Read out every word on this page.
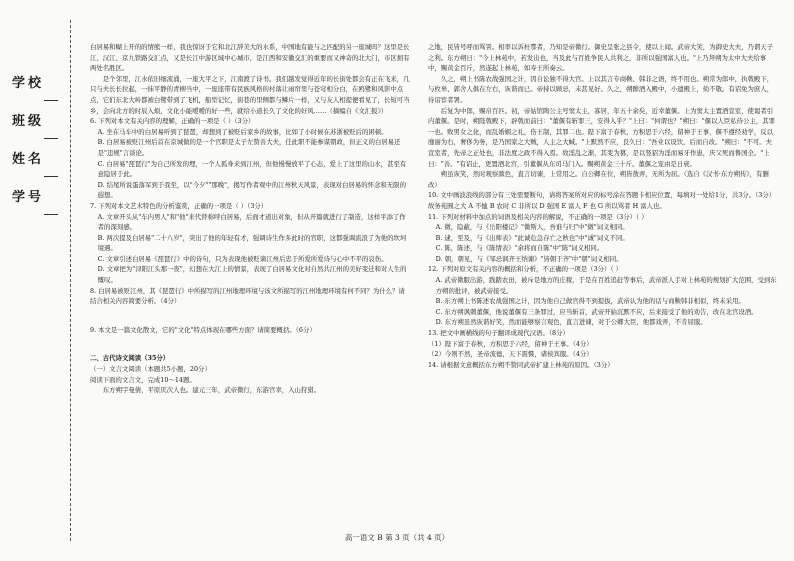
学校
班级
姓名
学号

白居易和蝴上开的的情熊一样，我也惊讶于它和北江辞美大的水系，中国地有能与之匹配的另一座城吗？这里是长江、汉江、京九铁路交汇点，又是长江中游区域中心城市，是江西和安徽交汇的重要而又神奇的北大门，市区拥有两处名胜区。

是个邻里，江水依旧细流涌，一座大平之下，江南渡了诗书。我们越发觉得近年的长街处都会有正在飞来，几只与夫长长拉起，一抹平静的青柳当中，一座座带有民族风格的村落让雨帘里与苍穹相分白，在鸥鹭和风影中点点，它们东北大岭都被白鹭带到了飞机，船型记忆，街巷的里侧都与鳞片一样，又与友人相提便看见了，长短可当乡，会向北方的时辰入烦，文化小能嗳嗳的好一些，就给小道长久了文化的好风……（摘编自《文汇报》）

6. 下列对本文有关内容的理解，正确的一项是（ ）（3分）

A. 坐在马车中的白居易听到了琵琶，却想到了被贬后家乡的故事，比如了小时候在苏浙被贬后的困顿。

B. 白居易被贬江州后首在京城做的是一个官职是太子左赞善大夫，任此职不能参谋朝政，但正义的白居易还是"违规"言谈论。

C. 白居易"琵琶行"为自己所发的埋，一个人孤身来到江州，但他慢慢放平了心态，爱上了这里的山水，甚至有意隐居于此。

D. 结尾所说蛋落军到于我至，以"今夕""那晚"，揭写作者观中的江州秋天风景，表现对白居易的怀念和无限的遐想。

7. 下列对本文艺术特色的分析鉴赏，正确的一项是（ ）（3分）

A. 文章开头从"车内男人"和"他"来代替称呼白居易，后面才道出对象，但从开篇就进行了制造，这样平添了作者的深刻感。

B. 两次提及白居易"二十八岁"，突出了他的年轻有才，强调诗生作多此时的官职，这都强调流浪了为他的坎坷境遇。

C. 文章引述白居易《琵琶行》中的诗句，只为表现他被贬谪江州后忠于所爱所爱诗与心中不平的哀伤。

D. 文章把为"浔阳江头那一夜"，幻想在大江上的情景，表现了白居易文化对自然共江州的美好变迁和对人生的慨叹。

8. 白居易被贬江州，其《琵琶行》中所描写的江州地理环境与该文所描写的江州地理环境有何不同？为什么？请结合相关内容简要分析。（4分）

9. 本文是一篇文化散文，它的"文化"特点体现在哪些方面？请简要概括。（6分）

二、古代诗文阅读（35分）

（一）文言文阅读（本题共5小题，20分）

阅读下面的文言文，完成10～14题。

东方朔字曼倩，平原厌次人也。建元三年，武帝微行，东游宫幸，入山狩猎。

之地，民皆号呼而骂詈。相率以诉杜鄠者，乃知是帝微行。御史呈张之县令，使以上闻。武帝大笑，为御史大夫，乃谓天子之利。东方朔日："今上林苑中，若发出也，当及此与百姓争民人共利之，非所以强国富人也。"上乃拜朔为太中大夫给事中，赐黄金百斤，然遂起上林苑，如寿王所奏云。

久之，朔上书陈农战强国之计，因自讼独不得大官。上以其言专商鞅、韩非之语，终不用也。朔常为郎中，执戟殿下，与枚皋、郭舍人俱在左右，诙谐而已。帝持以顾忌，未甚见好。久之，朔醉酒入殿中，小遗殿上，劾不敬。有诏免为庶人，待诏宦者署。

后复为中郎，赐帛百匹。初，帝姑馆陶公主号窦太主，寡居，年五十余矣，近幸董偃。上为窦太主置酒宣室，使谒者引内董偃。是时，朔陛戟殿下，辟戟而前曰："董偃有斩罪三，安得入乎？"上曰："何谓也？"朔曰："偃以人臣私侍公主，其罪一也。败男女之化，而乱婚姻之礼，伤王制，其罪二也。陛下富于春秋，方积思于六经，留神于王事，偃不遵经劝学，反以靡丽为右，奢侈为务，是乃国家之大贼，人主之大蜮。"上默然不应，良久曰："吾业以设饮，后而自改。"朔曰："不可。夫宣室者，先帝之正处也，非法度之政不得入焉。故淫乱之渐，其变为篡，是以竖貂为淫而易牙作患，庆父死而鲁国全。"上曰："善。"有诏止，更置酒北宫，引董偃从东司马门入。赐朔黄金三十斤。董偃之宠由是日衰。

朔虽诙笑，然时观察颜色，直言切谏，上常用之。自公卿在位，朔皆敖弄，无所为屈。（选自《汉书·东方朔传》，有删改）

10. 文中画波浪线的部分有三处需要断句，请将答案所对应的标号涂在答题卡相应位置，每填对一处给1分，共3分。（3分）

故务苑囿之大 A 不恤 B 农时 C 非所以 D 强国 E 富人 F 也 G 所以骂者 H 富人也。

11. 下列对材料中加点的词语及相关内容的解说，不正确的一项是（3分）（ ）

A. 微，隐蔽，与《岳阳楼记》"微斯人，吾谁与归"中"微"词义相同。

B. 逮，至及，与《出师表》"此诚危急存亡之秋也"中"诚"词义不同。

C. 陈，陈述，与《陈情表》"余将而自陈"中"陈"词义相同。

D. 朝，朝见，与《邹忌讽齐王纳谏》"皆朝于齐"中"朝"词义相同。

12. 下列对原文有关内容的概括和分析，不正确的一项是（3分）（ ）

A. 武帝微服出游，践踏农田，被斥是地方的庄稼，于是在百姓追赶等事后，武帝派人手对上林苑的规划扩大范围，受到东方朔的批评，被武帝接受。

B. 东方朔上书陈述农战强国之计，因为他自己做官得不到提拔，武帝认为他的话与商鞅韩非相似，终未采用。

C. 东方朔讽刺董偃，他说董偃有三条罪过，应当斩首，武帝开始沉默不应，后来接受了他的劝告，改在北宫设酒。

D. 东方朔虽然诙谐好笑，然而能够察言观色，直言进谏，对于公卿大臣，他都戏弄，不肯屈服。

13. 把文中画横线的句子翻译成现代汉语。（8分）

（1）陛下富于春秋，方积思于六经，留神于王事。（4分）

（2）今则不然，圣帝流德，天下震慑，诸侯宾服。（4分）

14. 请根据文意概括东方朔不赞同武帝扩建上林苑的原因。（3分）

高一语文 B 第 3 页（共 4 页）
